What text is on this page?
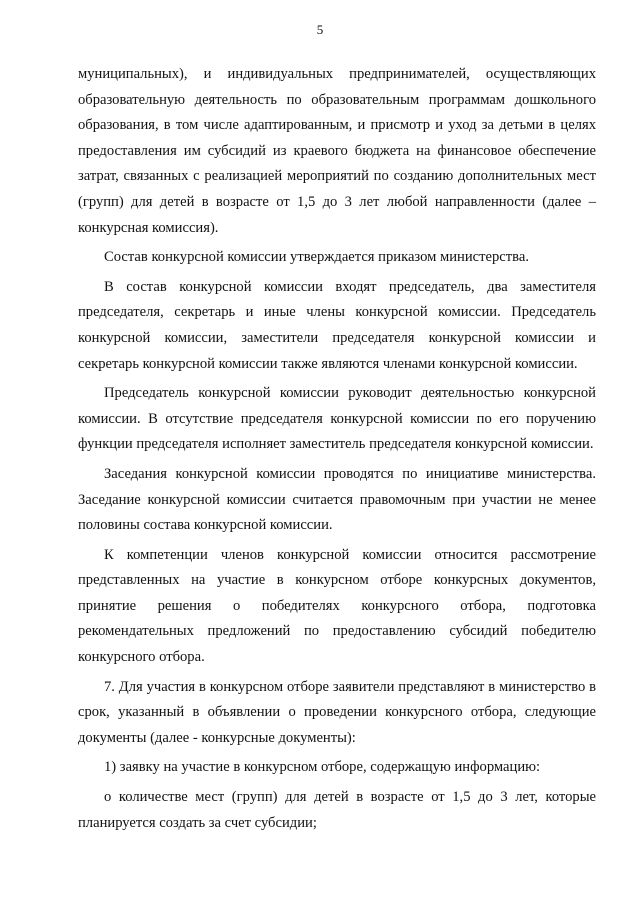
5

муниципальных), и индивидуальных предпринимателей, осуществляющих образовательную деятельность по образовательным программам дошкольного образования, в том числе адаптированным, и присмотр и уход за детьми в целях предоставления им субсидий из краевого бюджета на финансовое обеспечение затрат, связанных с реализацией мероприятий по созданию дополнительных мест (групп) для детей в возрасте от 1,5 до 3 лет любой направленности (далее – конкурсная комиссия).

Состав конкурсной комиссии утверждается приказом министерства.

В состав конкурсной комиссии входят председатель, два заместителя председателя, секретарь и иные члены конкурсной комиссии. Председатель конкурсной комиссии, заместители председателя конкурсной комиссии и секретарь конкурсной комиссии также являются членами конкурсной комиссии.

Председатель конкурсной комиссии руководит деятельностью конкурсной комиссии. В отсутствие председателя конкурсной комиссии по его поручению функции председателя исполняет заместитель председателя конкурсной комиссии.

Заседания конкурсной комиссии проводятся по инициативе министерства. Заседание конкурсной комиссии считается правомочным при участии не менее половины состава конкурсной комиссии.

К компетенции членов конкурсной комиссии относится рассмотрение представленных на участие в конкурсном отборе конкурсных документов, принятие решения о победителях конкурсного отбора, подготовка рекомендательных предложений по предоставлению субсидий победителю конкурсного отбора.

7. Для участия в конкурсном отборе заявители представляют в министерство в срок, указанный в объявлении о проведении конкурсного отбора, следующие документы (далее - конкурсные документы):

1) заявку на участие в конкурсном отборе, содержащую информацию:

о количестве мест (групп) для детей в возрасте от 1,5 до 3 лет, которые планируется создать за счет субсидии;
